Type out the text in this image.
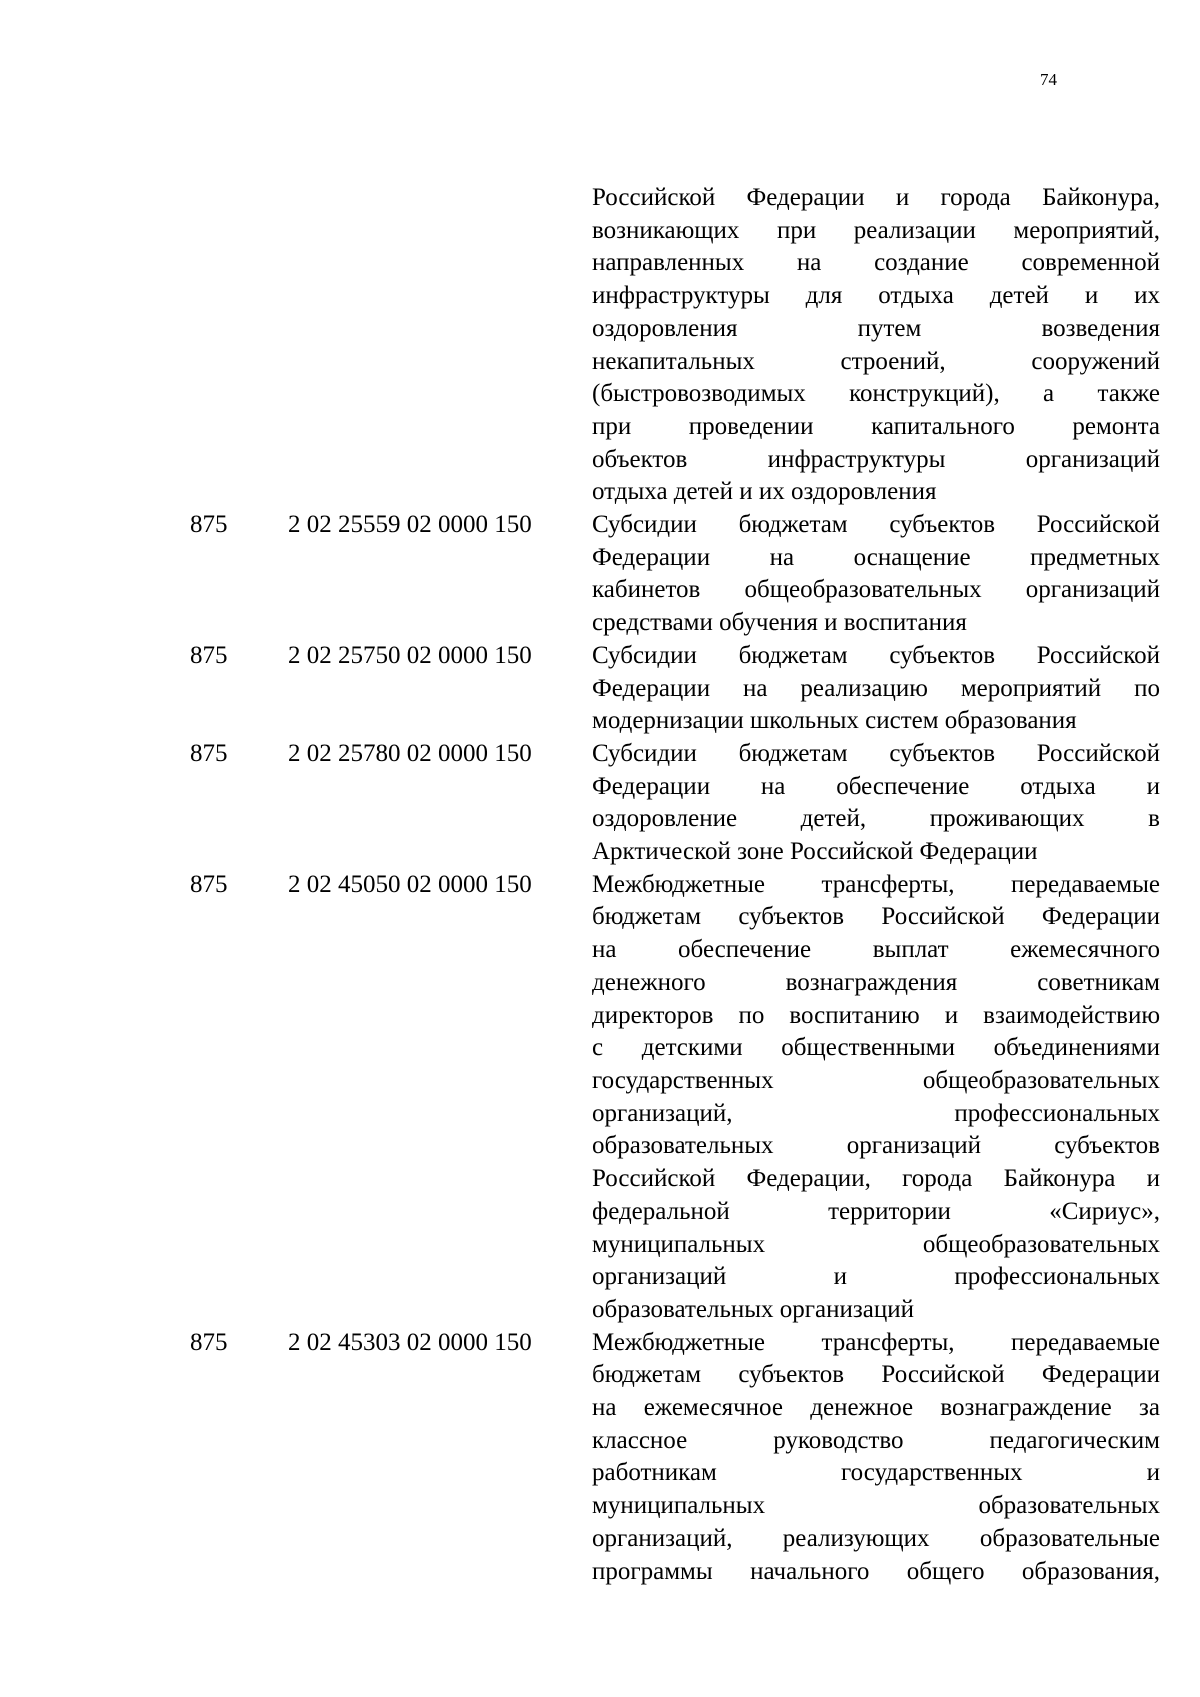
74
Российской Федерации и города Байконура,
возникающих при реализации мероприятий,
направленных на создание современной
инфраструктуры для отдыха детей и их
оздоровления путем возведения
некапитальных строений, сооружений
(быстровозводимых конструкций), а также
при проведении капитального ремонта
объектов инфраструктуры организаций
отдыха детей и их оздоровления
875 2 02 25559 02 0000 150 Субсидии бюджетам субъектов Российской
Федерации на оснащение предметных
кабинетов общеобразовательных организаций
средствами обучения и воспитания
875 2 02 25750 02 0000 150 Субсидии бюджетам субъектов Российской
Федерации на реализацию мероприятий по
модернизации школьных систем образования
875 2 02 25780 02 0000 150 Субсидии бюджетам субъектов Российской
Федерации на обеспечение отдыха и
оздоровление детей, проживающих в
Арктической зоне Российской Федерации
875 2 02 45050 02 0000 150 Межбюджетные трансферты, передаваемые
бюджетам субъектов Российской Федерации
на обеспечение выплат ежемесячного
денежного вознаграждения советникам
директоров по воспитанию и взаимодействию
с детскими общественными объединениями
государственных общеобразовательных
организаций, профессиональных
образовательных организаций субъектов
Российской Федерации, города Байконура и
федеральной территории «Сириус»,
муниципальных общеобразовательных
организаций и профессиональных
образовательных организаций
875 2 02 45303 02 0000 150 Межбюджетные трансферты, передаваемые
бюджетам субъектов Российской Федерации
на ежемесячное денежное вознаграждение за
классное руководство педагогическим
работникам государственных и
муниципальных образовательных
организаций, реализующих образовательные
программы начального общего образования,
